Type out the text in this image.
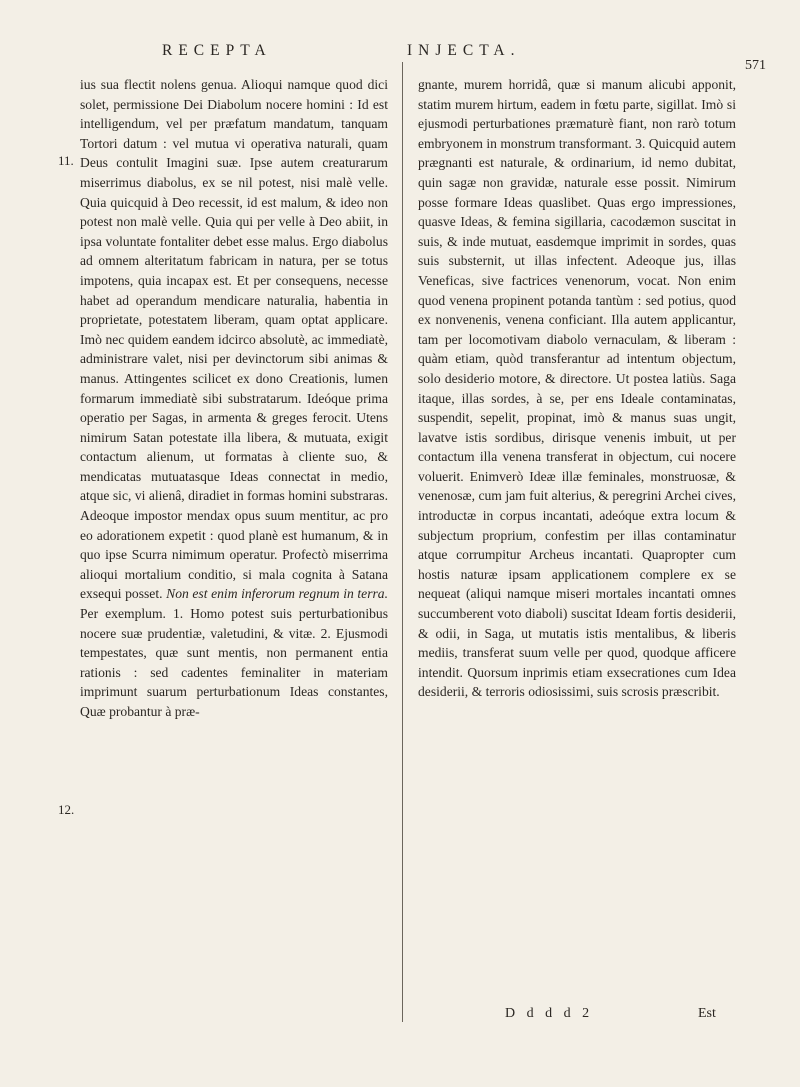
RECEPTA	INJECTA.
571
11.
12.

ius sua flectit nolens genua. Alioqui namque quod dici solet, permissione Dei Diabolum nocere homini : Id est intelligendum, vel per præfatum mandatum, tanquam Tortori datum : vel mutua vi operativa naturali, quam Deus contulit Imagini suæ. Ipse autem creaturarum miserrimus diabolus, ex se nil potest, nisi malè velle. Quia quicquid à Deo recessit, id est malum, & ideo non potest non malè velle. Quia qui per velle à Deo abiit, in ipsa voluntate fontaliter debet esse malus. Ergo diabolus ad omnem alteritatum fabricam in natura, per se totus impotens, quia incapax est. Et per consequens, necesse habet ad operandum mendicare naturalia, habentia in proprietate, potestatem liberam, quam optat applicare. Imò nec quidem eandem idcirco absolutè, ac immediatè, administrare valet, nisi per devinctorum sibi animas & manus. Attingentes scilicet ex dono Creationis, lumen formarum immediatè sibi substratarum. Ideóque prima operatio per Sagas, in armenta & greges ferocit. Utens nimirum Satan potestate illa libera, & mutuata, exigit contactum alienum, ut formatas à cliente suo, & mendicatas mutuatasque Ideas connectat in medio, atque sic, vi alienâ, diradiet in formas homini substraras. Adeoque impostor mendax opus suum mentitur, ac pro eo adorationem expetit : quod planè est humanum, & in quo ipse Scurra nimimum operatur. Profectò miserrima alioqui mortalium conditio, si mala cognita à Satana exsequi posset. Non est enim inferorum regnum in terra. Per exemplum. 1. Homo potest suis perturbationibus nocere suæ prudentiæ, valetudini, & vitæ. 2. Ejusmodi tempestates, quæ sunt mentis, non permanent entia rationis : sed cadentes feminaliter in materiam imprimunt suarum perturbationum Ideas constantes, Quæ probantur à præ-

gnante, murem horridâ, quæ si manum alicubi apponit, statim murem hirtum, eadem in fœtu parte, sigillat. Imò si ejusmodi perturbationes præmaturè fiant, non rarò totum embryonem in monstrum transformant. 3. Quicquid autem prægnanti est naturale, & ordinarium, id nemo dubitat, quin sagæ non gravidæ, naturale esse possit. Nimirum posse formare Ideas quaslibet. Quas ergo impressiones, quasve Ideas, & femina sigillaria, cacodæmon suscitat in suis, & inde mutuat, easdemque imprimit in sordes, quas suis substernit, ut illas infectent. Adeoque jus, illas Veneficas, sive factrices venenorum, vocat. Non enim quod venena propinent potanda tantùm : sed potius, quod ex nonvenenis, venena conficiant. Illa autem applicantur, tam per locomotivam diabolo vernaculam, & liberam : quàm etiam, quòd transferantur ad intentum objectum, solo desiderio motore, & directore. Ut postea latiùs. Saga itaque, illas sordes, à se, per ens Ideale contaminatas, suspendit, sepelit, propinat, imò & manus suas ungit, lavatve istis sordibus, dirisque venenis imbuit, ut per contactum illa venena transferat in objectum, cui nocere voluerit. Enimverò Ideæ illæ feminales, monstruosæ, & venenosæ, cum jam fuit alterius, & peregrini Archei cives, introductæ in corpus incantati, adeóque extra locum & subjectum proprium, confestim per illas contaminatur atque corrumpitur Archeus incantati. Quapropter cum hostis naturæ ipsam applicationem complere ex se nequeat (aliqui namque miseri mortales incantati omnes succumberent voto diaboli) suscitat Ideam fortis desiderii, & odii, in Saga, ut mutatis istis mentalibus, & liberis mediis, transferat suum velle per quod, quodque afficere intendit. Quorsum inprimis etiam exsecrationes cum Idea desiderii, & terroris odiosissimi, suis scrosis præscribit.

D d d d 2	Est
